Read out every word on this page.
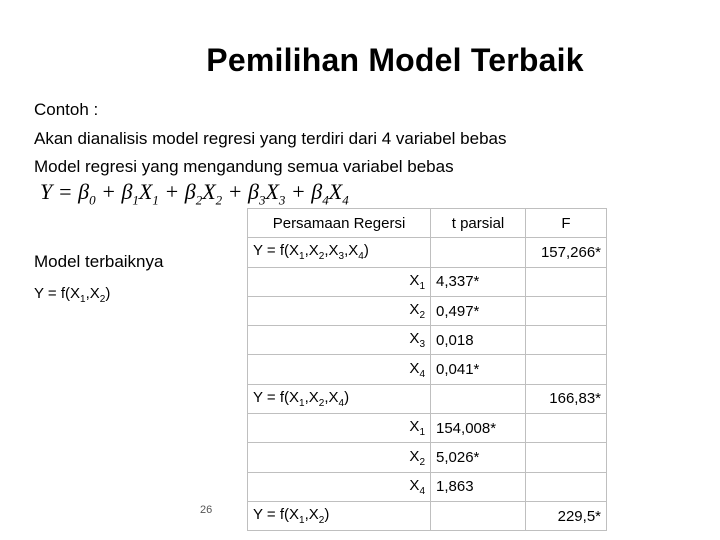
Pemilihan Model Terbaik
Contoh :
Akan dianalisis model regresi yang terdiri dari 4 variabel bebas
Model regresi yang mengandung semua variabel bebas
$Y = \beta_0 + \beta_1X_1 + \beta_2X_2 + \beta_3X_3 + \beta_4X_4$
Model terbaiknya
$Y = f(X_1,X_2)$
26
Persamaan Regersi	t parsial	F
$Y = f(X_1,X_2,X_3,X_4)$		157,266*
$X_1$	4,337*	
$X_2$	0,497*	
$X_3$	0,018	
$X_4$	0,041*	
$Y = f(X_1,X_2,X_4)$		166,83*
$X_1$	154,008*	
$X_2$	5,026*	
$X_4$	1,863	
$Y = f(X_1,X_2)$		229,5*
